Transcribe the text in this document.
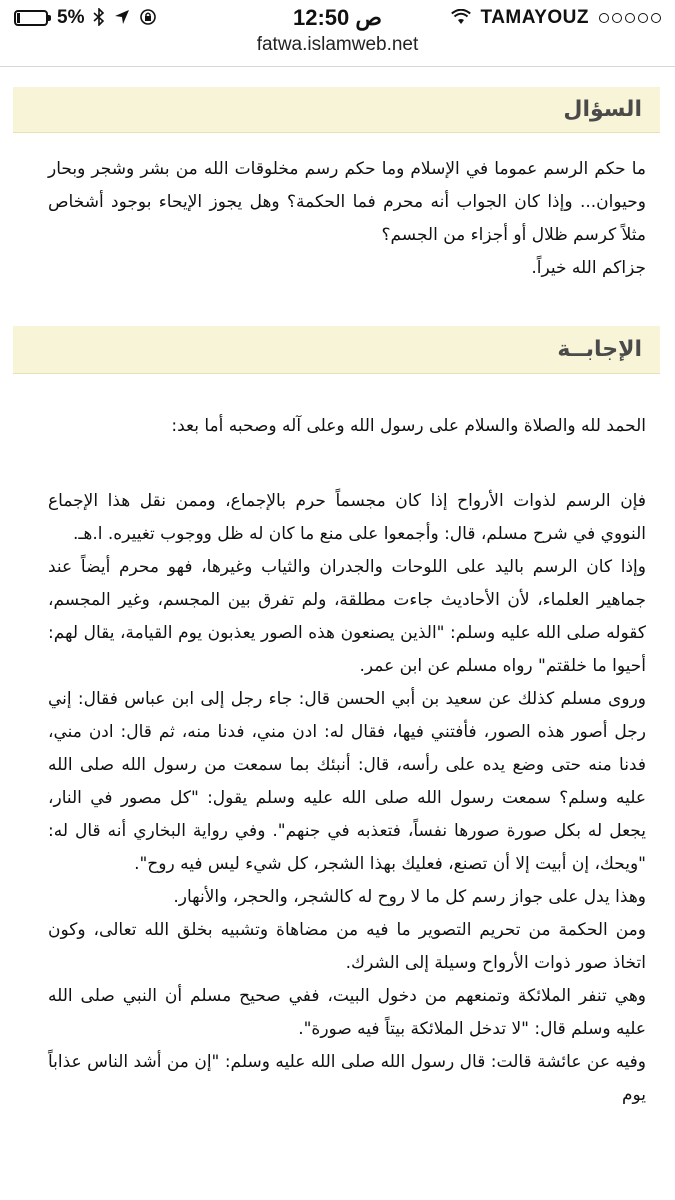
TAMAYOUZ
12:50 ص
5%
fatwa.islamweb.net
السؤال

ما حكم الرسم عموما في الإسلام وما حكم رسم مخلوقات الله من بشر وشجر وبحار وحيوان... وإذا كان الجواب أنه محرم فما الحكمة؟ وهل يجوز الإيحاء بوجود أشخاص مثلاً كرسم ظلال أو أجزاء من الجسم؟

جزاكم الله خيراً.

الإجابــة

الحمد لله والصلاة والسلام على رسول الله وعلى آله وصحبه أما بعد:

فإن الرسم لذوات الأرواح إذا كان مجسماً حرم بالإجماع، وممن نقل هذا الإجماع النووي في شرح مسلم، قال: وأجمعوا على منع ما كان له ظل ووجوب تغييره. ا.هـ.

وإذا كان الرسم باليد على اللوحات والجدران والثياب وغيرها، فهو محرم أيضاً عند جماهير العلماء، لأن الأحاديث جاءت مطلقة، ولم تفرق بين المجسم، وغير المجسم، كقوله صلى الله عليه وسلم: "الذين يصنعون هذه الصور يعذبون يوم القيامة، يقال لهم: أحيوا ما خلقتم" رواه مسلم عن ابن عمر.

وروى مسلم كذلك عن سعيد بن أبي الحسن قال: جاء رجل إلى ابن عباس فقال: إني رجل أصور هذه الصور، فأفتني فيها، فقال له: ادن مني، فدنا منه، ثم قال: ادن مني، فدنا منه حتى وضع يده على رأسه، قال: أنبئك بما سمعت من رسول الله صلى الله عليه وسلم؟ سمعت رسول الله صلى الله عليه وسلم يقول: "كل مصور في النار، يجعل له بكل صورة صورها نفساً، فتعذبه في جنهم". وفي رواية البخاري أنه قال له: "ويحك، إن أبيت إلا أن تصنع، فعليك بهذا الشجر، كل شيء ليس فيه روح".

وهذا يدل على جواز رسم كل ما لا روح له كالشجر، والحجر، والأنهار.

ومن الحكمة من تحريم التصوير ما فيه من مضاهاة وتشبيه بخلق الله تعالى، وكون اتخاذ صور ذوات الأرواح وسيلة إلى الشرك.

وهي تنفر الملائكة وتمنعهم من دخول البيت، ففي صحيح مسلم أن النبي صلى الله عليه وسلم قال: "لا تدخل الملائكة بيتاً فيه صورة".

وفيه عن عائشة قالت: قال رسول الله صلى الله عليه وسلم: "إن من أشد الناس عذاباً يوم
